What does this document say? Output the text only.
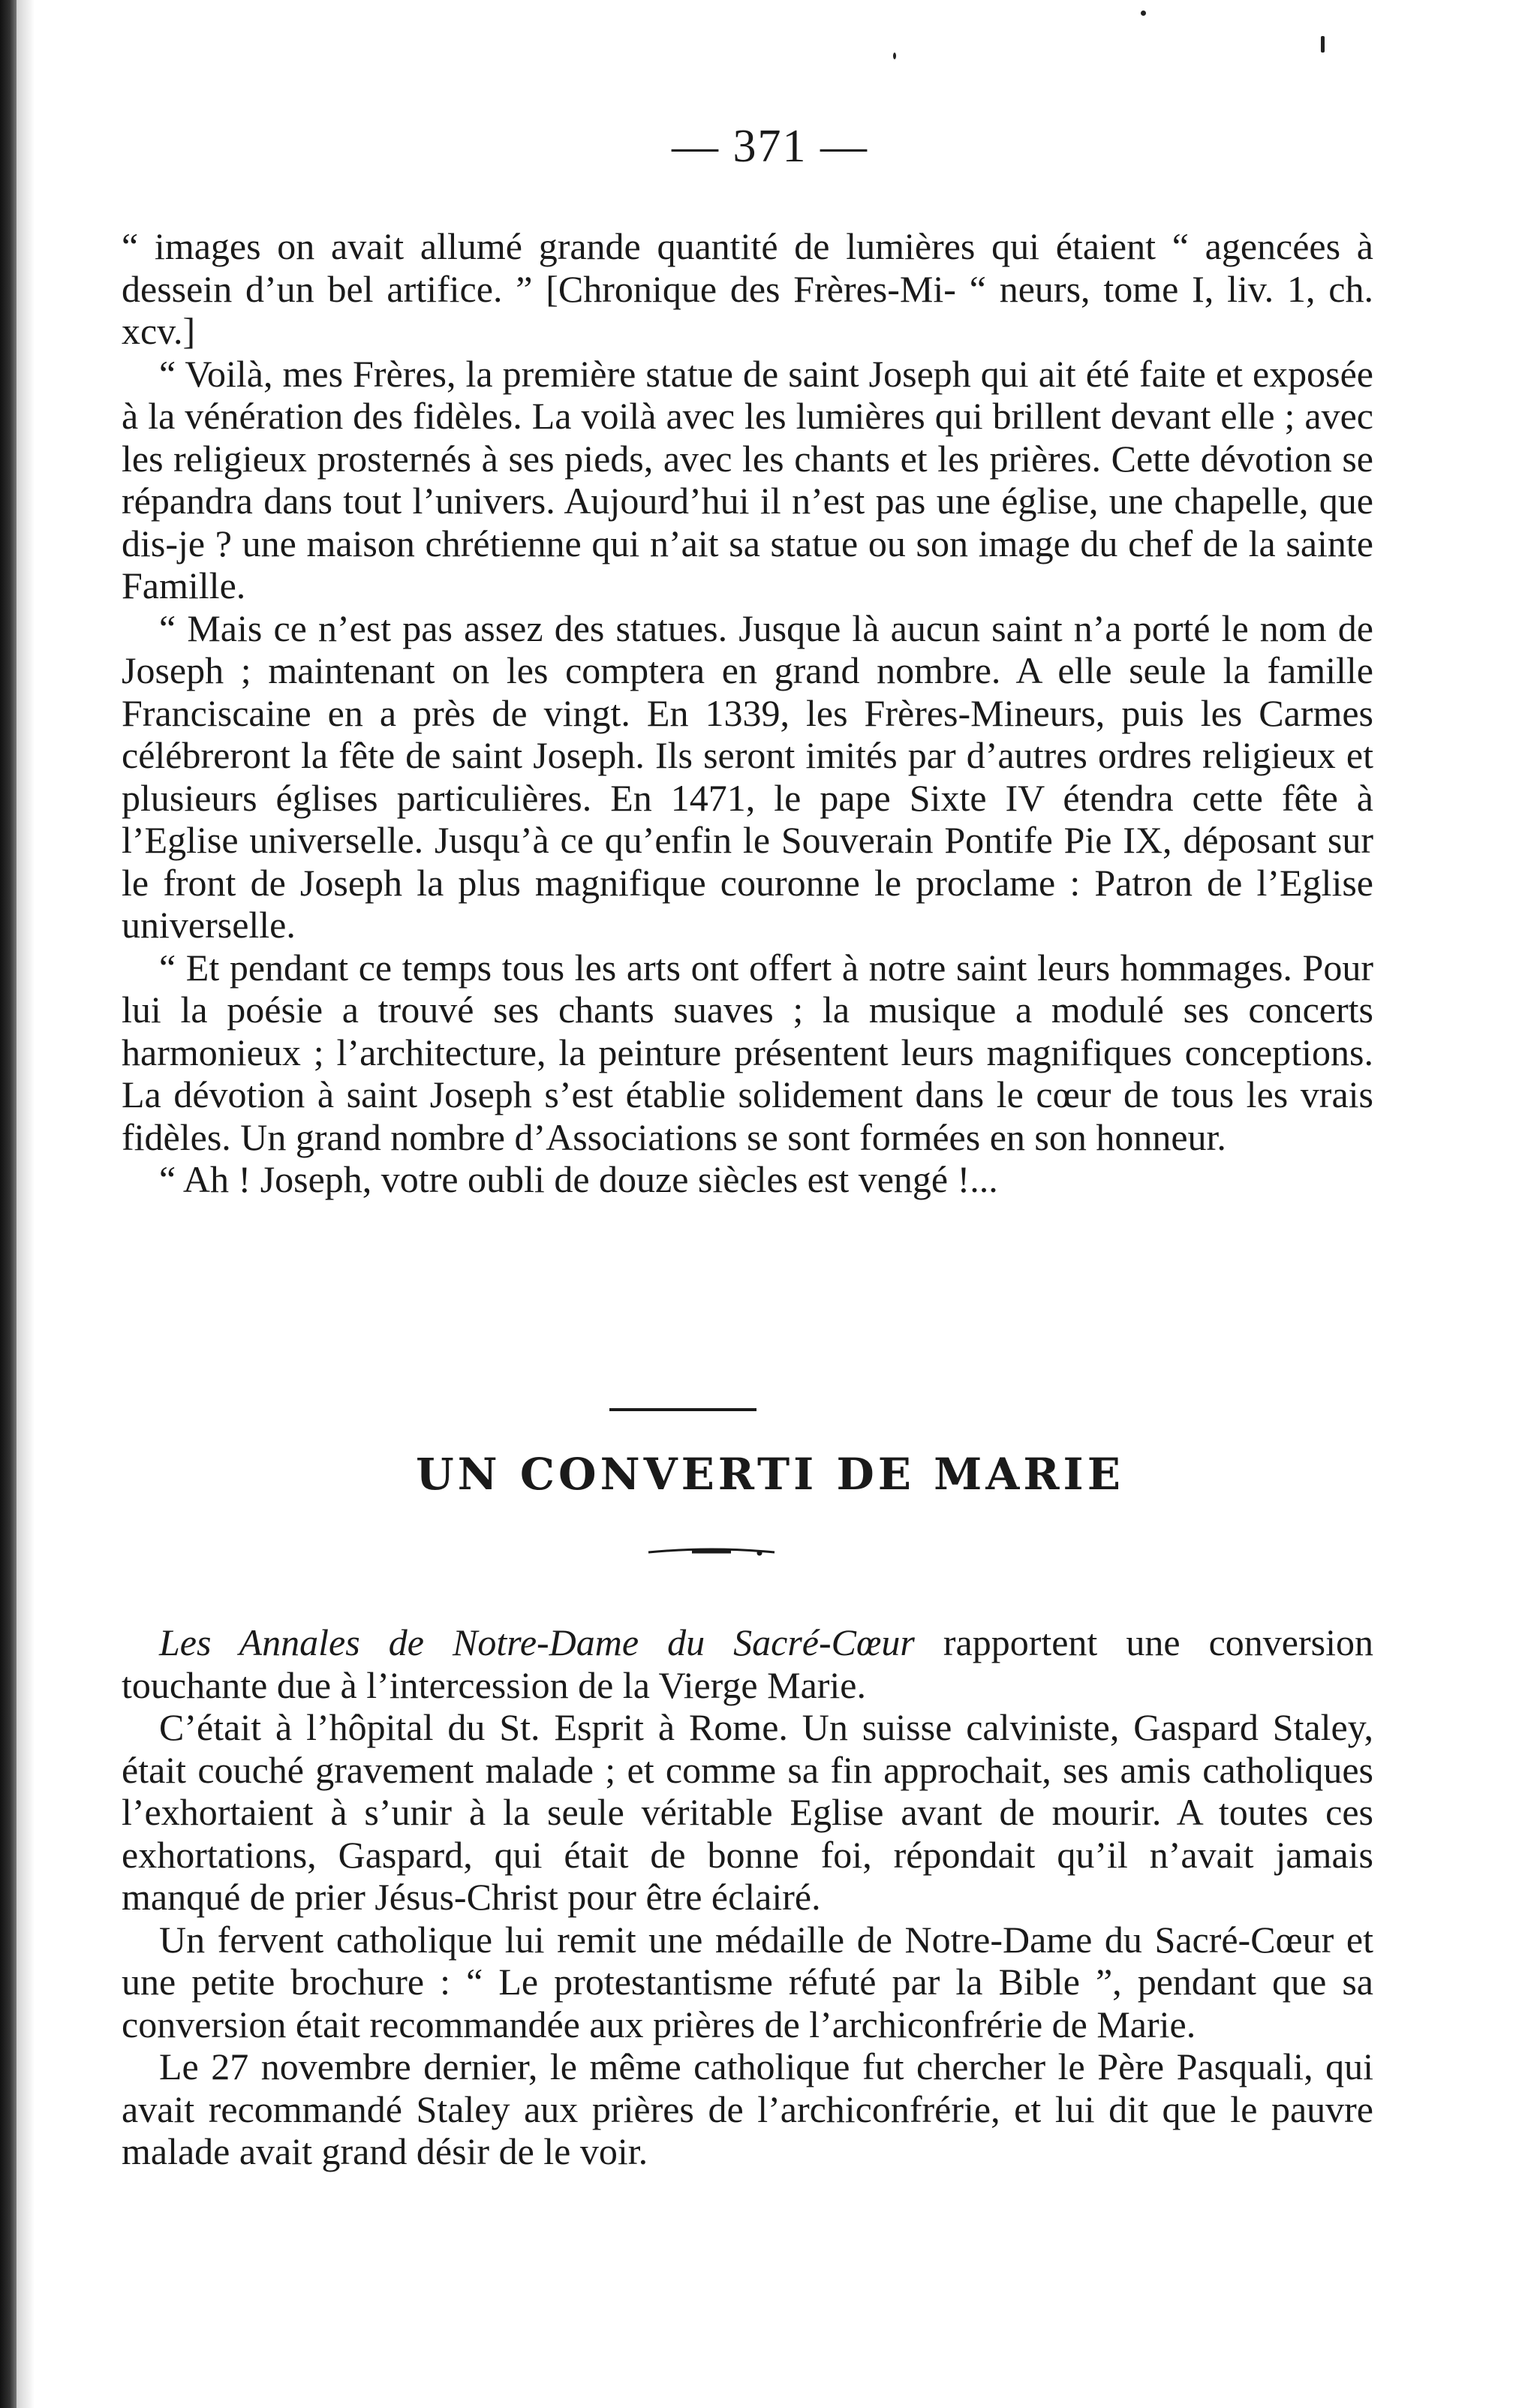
— 371 —

“ images on avait allumé grande quantité de lumières qui étaient “ agencées à dessein d’un bel artifice. ” [Chronique des Frères-Mi- “ neurs, tome I, liv. 1, ch. xcv.]

“ Voilà, mes Frères, la première statue de saint Joseph qui ait été faite et exposée à la vénération des fidèles. La voilà avec les lumières qui brillent devant elle ; avec les religieux prosternés à ses pieds, avec les chants et les prières. Cette dévotion se répandra dans tout l’univers. Aujourd’hui il n’est pas une église, une chapelle, que dis-je ? une maison chrétienne qui n’ait sa statue ou son image du chef de la sainte Famille.

“ Mais ce n’est pas assez des statues. Jusque là aucun saint n’a porté le nom de Joseph ; maintenant on les comptera en grand nombre. A elle seule la famille Franciscaine en a près de vingt. En 1339, les Frères-Mineurs, puis les Carmes célébreront la fête de saint Joseph. Ils seront imités par d’autres ordres religieux et plusieurs églises particulières. En 1471, le pape Sixte IV étendra cette fête à l’Eglise universelle. Jusqu’à ce qu’enfin le Souverain Pontife Pie IX, déposant sur le front de Joseph la plus magnifique couronne le proclame : Patron de l’Eglise universelle.

“ Et pendant ce temps tous les arts ont offert à notre saint leurs hommages. Pour lui la poésie a trouvé ses chants suaves ; la musique a modulé ses concerts harmonieux ; l’architecture, la peinture présentent leurs magnifiques conceptions. La dévotion à saint Joseph s’est établie solidement dans le cœur de tous les vrais fidèles. Un grand nombre d’Associations se sont formées en son honneur.

“ Ah ! Joseph, votre oubli de douze siècles est vengé !...

UN CONVERTI DE MARIE

Les Annales de Notre-Dame du Sacré-Cœur rapportent une conversion touchante due à l’intercession de la Vierge Marie.

C’était à l’hôpital du St. Esprit à Rome. Un suisse calviniste, Gaspard Staley, était couché gravement malade ; et comme sa fin approchait, ses amis catholiques l’exhortaient à s’unir à la seule véritable Eglise avant de mourir. A toutes ces exhortations, Gaspard, qui était de bonne foi, répondait qu’il n’avait jamais manqué de prier Jésus-Christ pour être éclairé.

Un fervent catholique lui remit une médaille de Notre-Dame du Sacré-Cœur et une petite brochure : “ Le protestantisme réfuté par la Bible ”, pendant que sa conversion était recommandée aux prières de l’archiconfrérie de Marie.

Le 27 novembre dernier, le même catholique fut chercher le Père Pasquali, qui avait recommandé Staley aux prières de l’archiconfrérie, et lui dit que le pauvre malade avait grand désir de le voir.
